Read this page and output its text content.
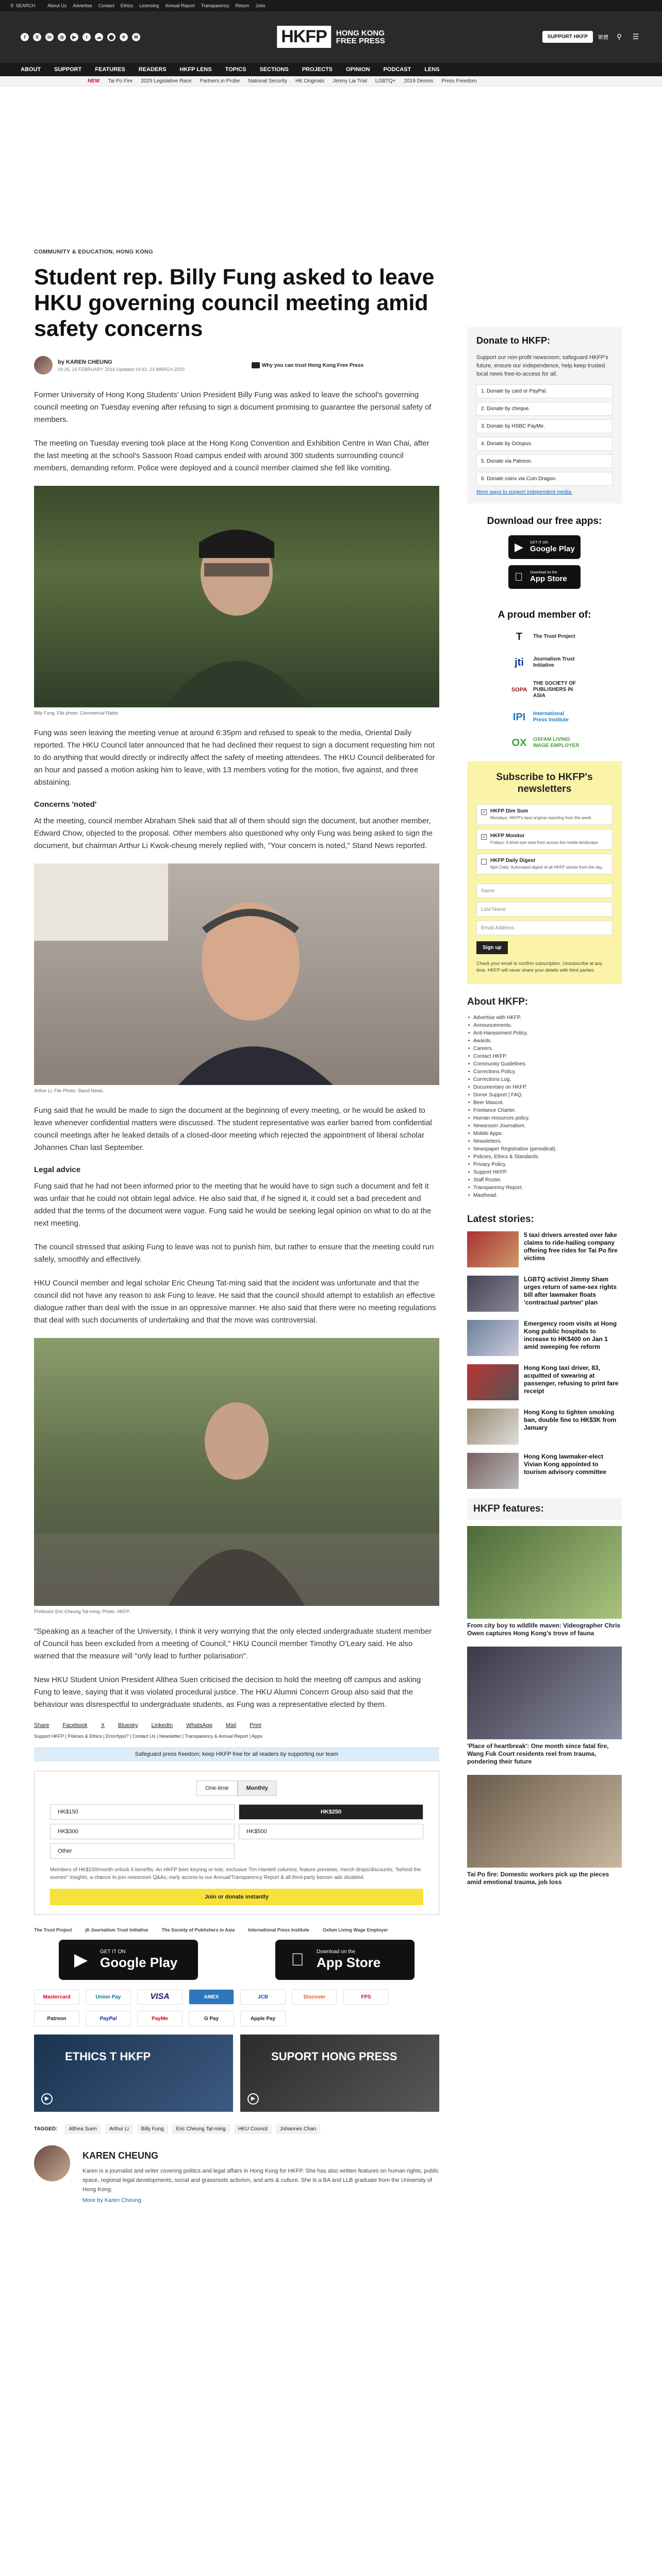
⚲ SEARCH	About Us Advertise Contact Ethics Licensing Annual Report Transparency Return Jobs
f	X	in	◎	▶	t	☁	⬤	✈	✉	HKFP	HONG KONG
FREE PRESS	SUPPORT HKFP	繁體	⚲	☰
ABOUT SUPPORT FEATURES READERS HKFP LENS TOPICS SECTIONS PROJECTS OPINION PODCAST LENS
NEW Tai Po Fire 2025 Legislative Race Partners in Probe National Security HK Originals Jimmy Lai Trial LGBTQ+ 2019 Demos Press Freedom
COMMUNITY & EDUCATION, HONG KONG
Student rep. Billy Fung asked to leave HKU governing council meeting amid safety concerns
by KAREN CHEUNG
16:26, 24 FEBRUARY 2016 Updated 19:43, 23 MARCH 2020
Why you can trust Hong Kong Free Press

Former University of Hong Kong Students' Union President Billy Fung was asked to leave the school's governing council meeting on Tuesday evening after refusing to sign a document promising to guarantee the personal safety of members.

The meeting on Tuesday evening took place at the Hong Kong Convention and Exhibition Centre in Wan Chai, after the last meeting at the school's Sassoon Road campus ended with around 300 students surrounding council members, demanding reform. Police were deployed and a council member claimed she fell like vomiting.

Billy Fung. File photo: Commercial Radio.

Fung was seen leaving the meeting venue at around 6:35pm and refused to speak to the media, Oriental Daily reported. The HKU Council later announced that he had declined their request to sign a document requesting him not to do anything that would directly or indirectly affect the safety of meeting attendees. The HKU Council deliberated for an hour and passed a motion asking him to leave, with 13 members voting for the motion, five against, and three abstaining.

Concerns 'noted'

At the meeting, council member Abraham Shek said that all of them should sign the document, but another member, Edward Chow, objected to the proposal. Other members also questioned why only Fung was being asked to sign the document, but chairman Arthur Li Kwok-cheung merely replied with, "Your concern is noted," Stand News reported.

Arthur Li. File Photo: Stand News.

Fung said that he would be made to sign the document at the beginning of every meeting, or he would be asked to leave whenever confidential matters were discussed. The student representative was earlier barred from confidential council meetings after he leaked details of a closed-door meeting which rejected the appointment of liberal scholar Johannes Chan last September.

Legal advice

Fung said that he had not been informed prior to the meeting that he would have to sign such a document and felt it was unfair that he could not obtain legal advice. He also said that, if he signed it, it could set a bad precedent and added that the terms of the document were vague. Fung said he would be seeking legal opinion on what to do at the next meeting.

The council stressed that asking Fung to leave was not to punish him, but rather to ensure that the meeting could run safely, smoothly and effectively.

HKU Council member and legal scholar Eric Cheung Tat-ming said that the incident was unfortunate and that the council did not have any reason to ask Fung to leave. He said that the council should attempt to establish an effective dialogue rather than deal with the issue in an oppressive manner. He also said that there were no meeting regulations that deal with such documents of undertaking and that the move was controversial.

Professor Eric Cheung Tat-ming. Photo: HKFP.

"Speaking as a teacher of the University, I think it very worrying that the only elected undergraduate student member of Council has been excluded from a meeting of Council," HKU Council member Timothy O'Leary said. He also warned that the measure will "only lead to further polarisation".

New HKU Student Union President Althea Suen criticised the decision to hold the meeting off campus and asking Fung to leave, saying that it was violated procedural justice. The HKU Alumni Concern Group also said that the behaviour was disrespectful to undergraduate students, as Fung was a representative elected by them.

Share Facebook X Bluesky LinkedIn WhatsApp Mail Print
Support HKFP | Policies & Ethics | Error/typo? | Contact Us | Newsletter | Transparency & Annual Report | Apps
Safeguard press freedom; keep HKFP free for all readers by supporting our team
One-time	Monthly
HK$150	HK$250
HK$300	HK$500
Other
Members of HK$150/month unlock 6 benefits: An HKFP beer keyring or tote; exclusive Tim Hamlett columns; feature previews; merch drops/discounts; "behind the scenes" insights; a chance to join newsroom Q&As; early access to our Annual/Transparency Report & all third-party banner ads disabled.
Join or donate instantly
The Trust Project	jti Journalism Trust Initiative	The Society of Publishers in Asia	International Press Institute	Oxfam Living Wage Employer
▶	GET IT ON
Google Play
Download on the
App Store
Mastercard	Union Pay	VISA	AMEX	JCB	Discover	FPS
Patreon	PayPal	PayMe	G Pay	Apple Pay
ETHICS T HKFP
▶
SUPORT HONG PRESS
▶
TAGGED:	Althea Suen	Arthur Li	Billy Fung	Eric Cheung Tat-ming	HKU Council	Johannes Chan
KAREN CHEUNG
Karen is a journalist and writer covering politics and legal affairs in Hong Kong for HKFP. She has also written features on human rights, public space, regional legal developments, social and grassroots activism, and arts & culture. She is a BA and LLB graduate from the University of Hong Kong.
More by Karen Cheung
Donate to HKFP:
Support our non-profit newsroom; safeguard HKFP's future, ensure our independence, help keep trusted local news free-to-access for all.
1. Donate by card or PayPal.
2. Donate by cheque.
3. Donate by HSBC PayMe.
4. Donate by Octopus.
5. Donate via Patreon.
6. Donate coins via Coin Dragon.
More ways to support independent media.
Download our free apps:
▶ GET IT ON
Google Play
Download on the
App Store
A proud member of:
T	The Trust Project
jti	Journalism Trust Initiative
SOPA
THE SOCIETY OF PUBLISHERS IN ASIA
IPI	International Press Institute
OX	OXFAM LIVING WAGE EMPLOYER
Subscribe to HKFP's newsletters
✓ HKFP Dim Sum
Mondays: HKFP's best original reporting from the week.
✓ HKFP Monitor
Fridays: A birds-eye view from across the media landscape.
HKFP Daily Digest
9pm Daily: Automated digest of all HKFP stories from the day.
Name
Last Name
Email Address
Sign up
Check your email to confirm subscription. Unsubscribe at any time. HKFP will never share your details with third parties.
About HKFP:
• Advertise with HKFP.
• Announcements.
• Anti-Harassment Policy.
• Awards.
• Careers.
• Contact HKFP.
• Community Guidelines.
• Corrections Policy.
• Corrections Log.
• Documentary on HKFP.
• Donor Support | FAQ.
• Beer Mascot.
• Freelance Charter.
• Human resources policy.
• Newsroom Journalism.
• Mobile Apps.
• Newsletters.
• Newspaper Registration (periodical).
• Policies, Ethics & Standards.
• Privacy Policy.
• Support HKFP.
• Staff Roster.
• Transparency Report.
• Masthead.
Latest stories:
5 taxi drivers arrested over fake claims to ride-hailing company offering free rides for Tai Po fire victims
LGBTQ activist Jimmy Sham urges return of same-sex rights bill after lawmaker floats 'contractual partner' plan
Emergency room visits at Hong Kong public hospitals to increase to HK$400 on Jan 1 amid sweeping fee reform
Hong Kong taxi driver, 83, acquitted of swearing at passenger, refusing to print fare receipt
Hong Kong to tighten smoking ban, double fine to HK$3K from January
Hong Kong lawmaker-elect Vivian Kong appointed to tourism advisory committee
HKFP features:
From city boy to wildlife maven: Videographer Chris Owen captures Hong Kong's trove of fauna
'Place of heartbreak': One month since fatal fire, Wang Fuk Court residents reel from trauma, pondering their future
Tai Po fire: Domestic workers pick up the pieces amid emotional trauma, job loss
